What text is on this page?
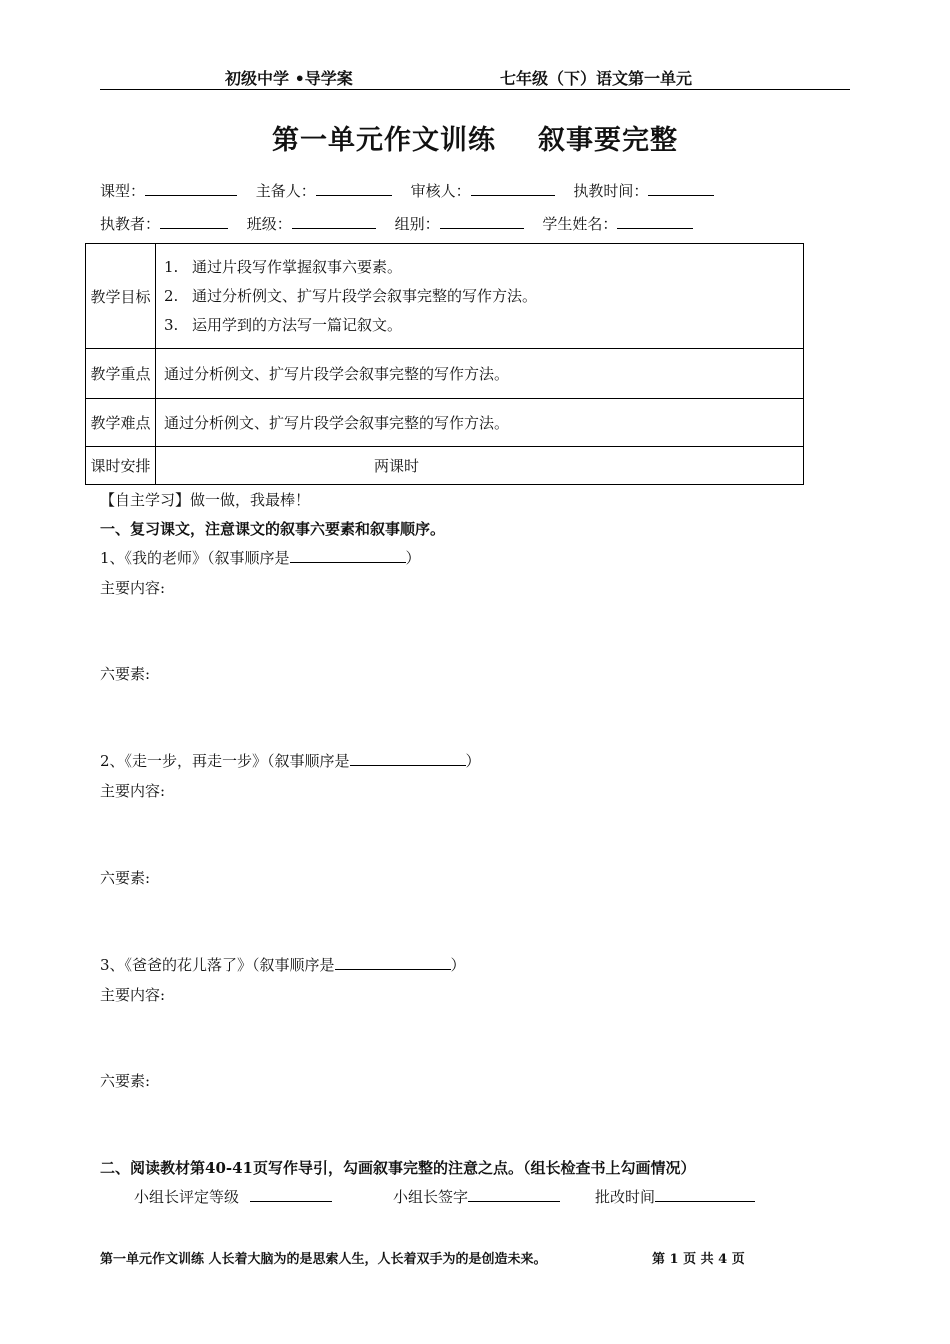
初级中学 •导学案	七年级（下）语文第一单元
第一单元作文训练 叙事要完整
课型：	主备人：	审核人：	执教时间：
执教者：	班级：	组别：	学生姓名：
教学目标	1. 通过片段写作掌握叙事六要素。
2. 通过分析例文、扩写片段学会叙事完整的写作方法。
3. 运用学到的方法写一篇记叙文。

教学重点	通过分析例文、扩写片段学会叙事完整的写作方法。
教学难点	通过分析例文、扩写片段学会叙事完整的写作方法。
课时安排	两课时
【自主学习】做一做，我最棒！
一、复习课文，注意课文的叙事六要素和叙事顺序。
1、《我的老师》（叙事顺序是	）
主要内容:
六要素:
2、《走一步，再走一步》（叙事顺序是	）
主要内容:
六要素:
3、《爸爸的花儿落了》（叙事顺序是	）
主要内容:
六要素:
二、阅读教材第40-41页写作导引，勾画叙事完整的注意之点。（组长检查书上勾画情况）
小组长评定等级	小组长签字	批改时间
第一单元作文训练 人长着大脑为的是思索人生，人长着双手为的是创造未来。	第 1 页 共 4 页
